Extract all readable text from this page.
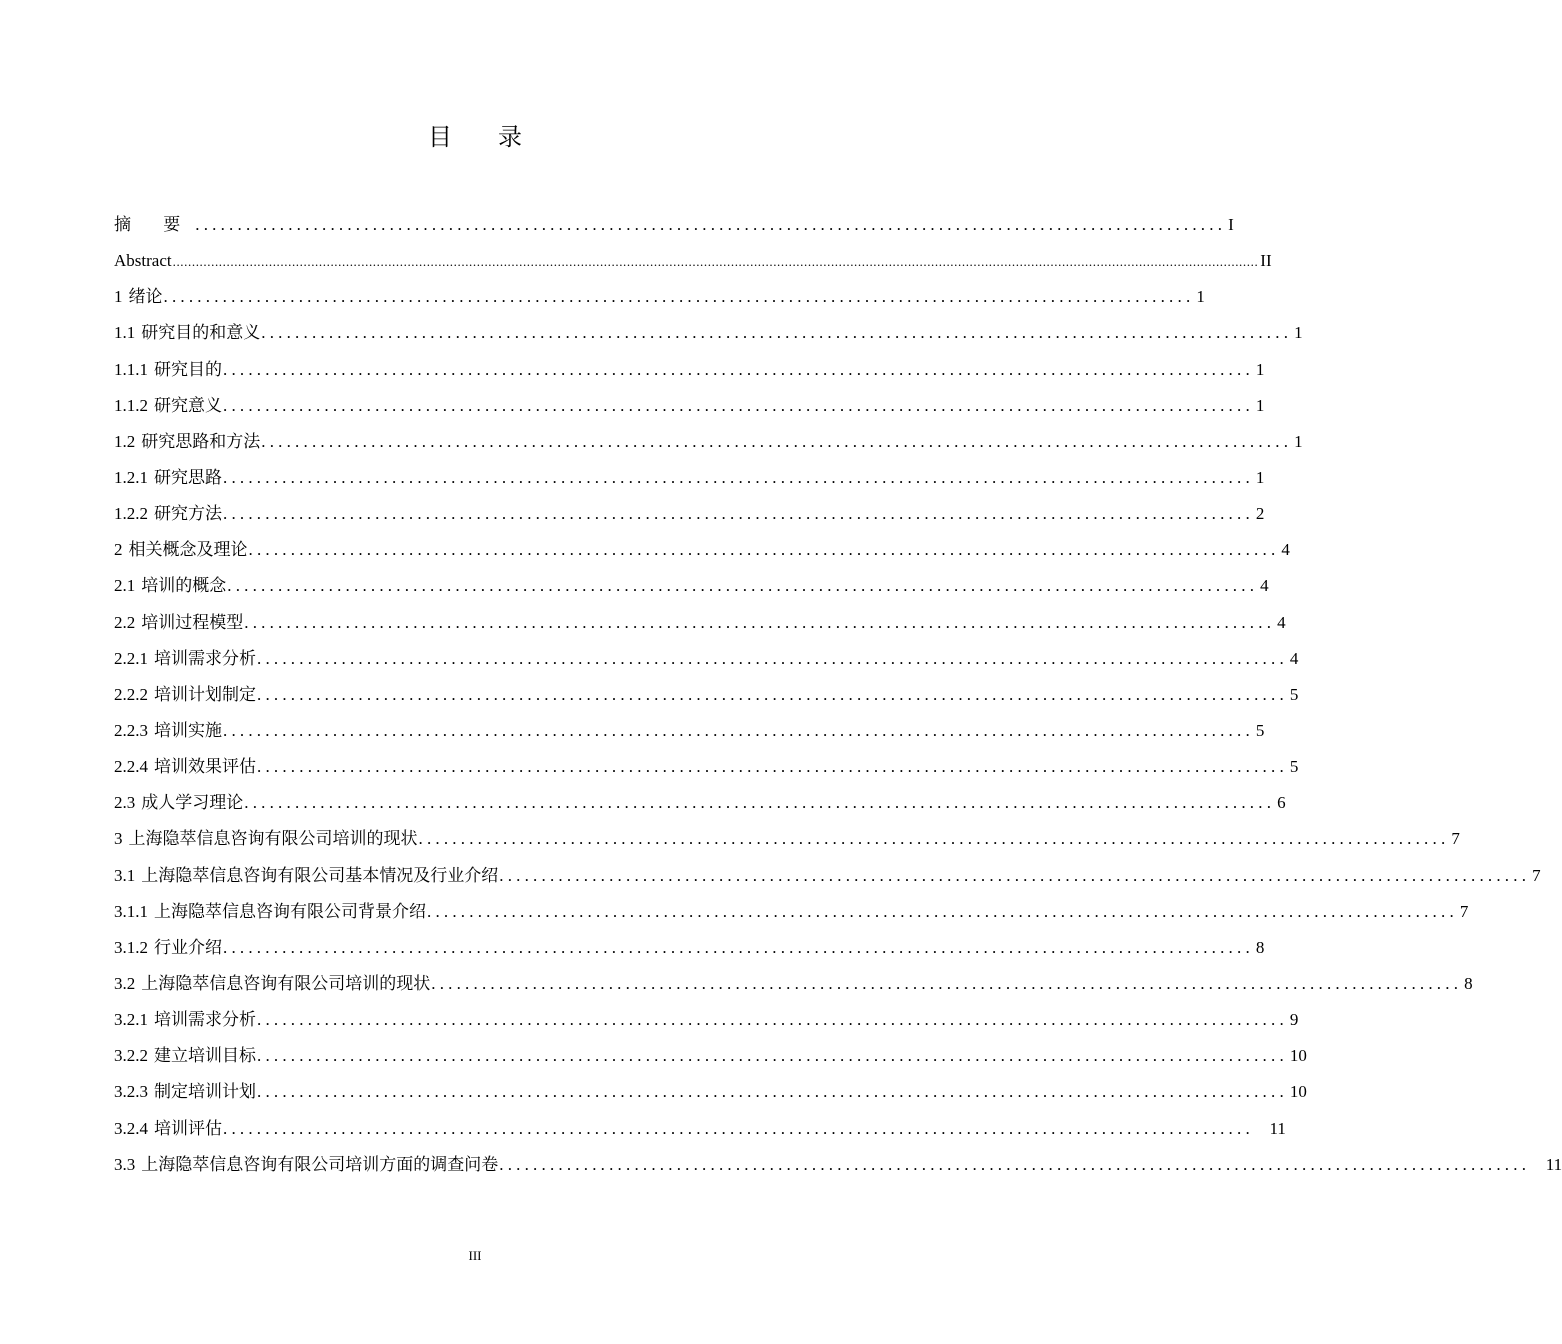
目 录
摘 要 .......................................................................................................................... I
Abstract .......................................................................................................................................................................................................................................................................................... II
1 绪论 .......................................................................................................................... 1
1.1 研究目的和意义 .......................................................................................................................... 1
1.1.1 研究目的 .......................................................................................................................... 1
1.1.2 研究意义 .......................................................................................................................... 1
1.2 研究思路和方法 .......................................................................................................................... 1
1.2.1 研究思路 .......................................................................................................................... 1
1.2.2 研究方法 .......................................................................................................................... 2
2 相关概念及理论 .......................................................................................................................... 4
2.1 培训的概念 .......................................................................................................................... 4
2.2 培训过程模型 .......................................................................................................................... 4
2.2.1 培训需求分析 .......................................................................................................................... 4
2.2.2 培训计划制定 .......................................................................................................................... 5
2.2.3 培训实施 .......................................................................................................................... 5
2.2.4 培训效果评估 .......................................................................................................................... 5
2.3 成人学习理论 .......................................................................................................................... 6
3 上海隐萃信息咨询有限公司培训的现状 .......................................................................................................................... 7
3.1 上海隐萃信息咨询有限公司基本情况及行业介绍 .......................................................................................................................... 7
3.1.1 上海隐萃信息咨询有限公司背景介绍 .......................................................................................................................... 7
3.1.2 行业介绍 .......................................................................................................................... 8
3.2 上海隐萃信息咨询有限公司培训的现状 .......................................................................................................................... 8
3.2.1 培训需求分析 .......................................................................................................................... 9
3.2.2 建立培训目标 .......................................................................................................................... 10
3.2.3 制定培训计划 .......................................................................................................................... 10
3.2.4 培训评估 .......................................................................................................................... 11
3.3 上海隐萃信息咨询有限公司培训方面的调查问卷 .......................................................................................................................... 11
III
